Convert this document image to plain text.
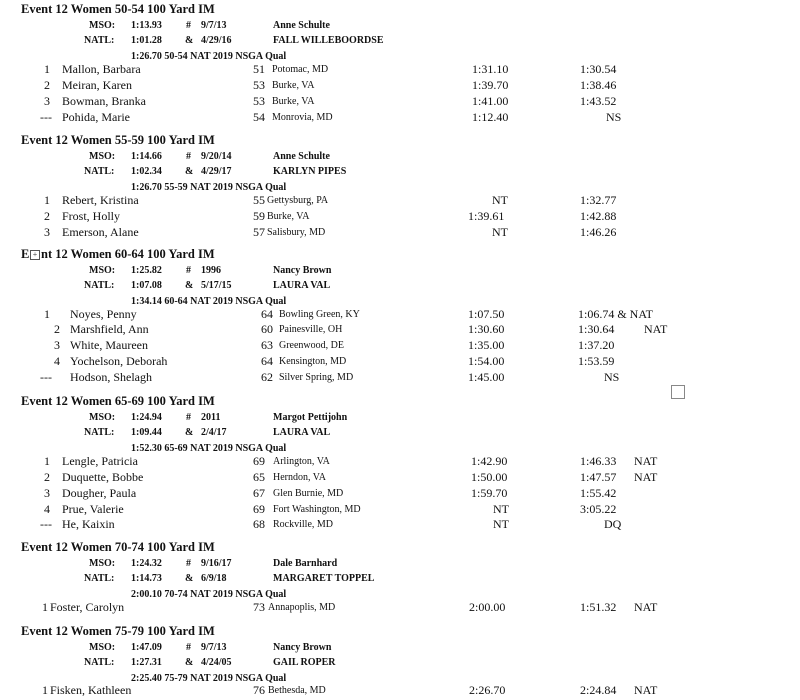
Event 12 Women 50-54 100 Yard IM
MSO: 1:13.93 # 9/7/13	Anne Schulte
NATL: 1:01.28 & 4/29/16	FALL WILLEBOORDSE
1:26.70 50-54 NAT 2019 NSGA Qual
1 Mallon, Barbara	51 Potomac, MD	1:31.10	1:30.54
2 Meiran, Karen	53 Burke, VA	1:39.70	1:38.46
3 Bowman, Branka	53 Burke, VA	1:41.00	1:43.52
--- Pohida, Marie	54 Monrovia, MD	1:12.40	NS
Event 12 Women 55-59 100 Yard IM
MSO: 1:14.66 # 9/20/14	Anne Schulte
NATL: 1:02.34 & 4/29/17	KARLYN PIPES
1:26.70 55-59 NAT 2019 NSGA Qual
1 Rebert, Kristina	55 Gettysburg, PA	NT	1:32.77
2 Frost, Holly	59 Burke, VA	1:39.61	1:42.88
3 Emerson, Alane	57 Salisbury, MD	NT	1:46.26
E + nt 12 Women 60-64 100 Yard IM
MSO: 1:25.82 # 1996	Nancy Brown
NATL: 1:07.08 & 5/17/15	LAURA VAL
1:34.14 60-64 NAT 2019 NSGA Qual
1 Noyes, Penny	64 Bowling Green, KY	1:07.50	1:06.74 & NAT
2 Marshfield, Ann	60 Painesville, OH	1:30.60	1:30.64 NAT
3 White, Maureen	63 Greenwood, DE	1:35.00	1:37.20
4 Yochelson, Deborah	64 Kensington, MD	1:54.00	1:53.59
--- Hodson, Shelagh	62 Silver Spring, MD	1:45.00	NS
Event 12 Women 65-69 100 Yard IM
MSO: 1:24.94 # 2011	Margot Pettijohn
NATL: 1:09.44 & 2/4/17	LAURA VAL
1:52.30 65-69 NAT 2019 NSGA Qual
1 Lengle, Patricia	69 Arlington, VA	1:42.90	1:46.33 NAT
2 Duquette, Bobbe	65 Herndon, VA	1:50.00	1:47.57 NAT
3 Dougher, Paula	67 Glen Burnie, MD	1:59.70	1:55.42
4 Prue, Valerie	69 Fort Washington, MD	NT	3:05.22
--- He, Kaixin	68 Rockville, MD	NT	DQ
Event 12 Women 70-74 100 Yard IM
MSO: 1:24.32 # 9/16/17	Dale Barnhard
NATL: 1:14.73 & 6/9/18	MARGARET TOPPEL
2:00.10 70-74 NAT 2019 NSGA Qual
1 Foster, Carolyn	73 Annapoplis, MD	2:00.00	1:51.32 NAT
Event 12 Women 75-79 100 Yard IM
MSO: 1:47.09 # 9/7/13	Nancy Brown
NATL: 1:27.31 & 4/24/05	GAIL ROPER
2:25.40 75-79 NAT 2019 NSGA Qual
1 Fisken, Kathleen	76 Bethesda, MD	2:26.70	2:24.84 NAT
